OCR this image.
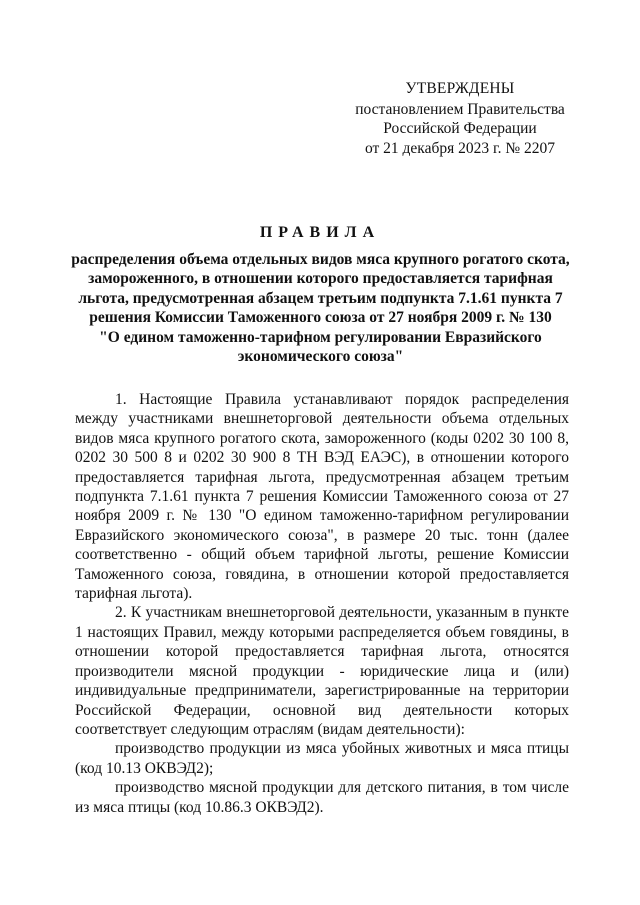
УТВЕРЖДЕНЫ
постановлением Правительства
Российской Федерации
от 21 декабря 2023 г. № 2207
ПРАВИЛА
распределения объема отдельных видов мяса крупного рогатого скота,
замороженного, в отношении которого предоставляется тарифная
льгота, предусмотренная абзацем третьим подпункта 7.1.61 пункта 7
решения Комиссии Таможенного союза от 27 ноября 2009 г. № 130
"О едином таможенно-тарифном регулировании Евразийского
экономического союза"

1. Настоящие Правила устанавливают порядок распределения между участниками внешнеторговой деятельности объема отдельных видов мяса крупного рогатого скота, замороженного (коды 0202 30 100 8, 0202 30 500 8 и 0202 30 900 8 ТН ВЭД ЕАЭС), в отношении которого предоставляется тарифная льгота, предусмотренная абзацем третьим подпункта 7.1.61 пункта 7 решения Комиссии Таможенного союза от 27 ноября 2009 г. № 130 "О едином таможенно-тарифном регулировании Евразийского экономического союза", в размере 20 тыс. тонн (далее соответственно - общий объем тарифной льготы, решение Комиссии Таможенного союза, говядина, в отношении которой предоставляется тарифная льгота).

2. К участникам внешнеторговой деятельности, указанным в пункте 1 настоящих Правил, между которыми распределяется объем говядины, в отношении которой предоставляется тарифная льгота, относятся производители мясной продукции - юридические лица и (или) индивидуальные предприниматели, зарегистрированные на территории Российской Федерации, основной вид деятельности которых соответствует следующим отраслям (видам деятельности):

производство продукции из мяса убойных животных и мяса птицы (код 10.13 ОКВЭД2);

производство мясной продукции для детского питания, в том числе из мяса птицы (код 10.86.3 ОКВЭД2).
